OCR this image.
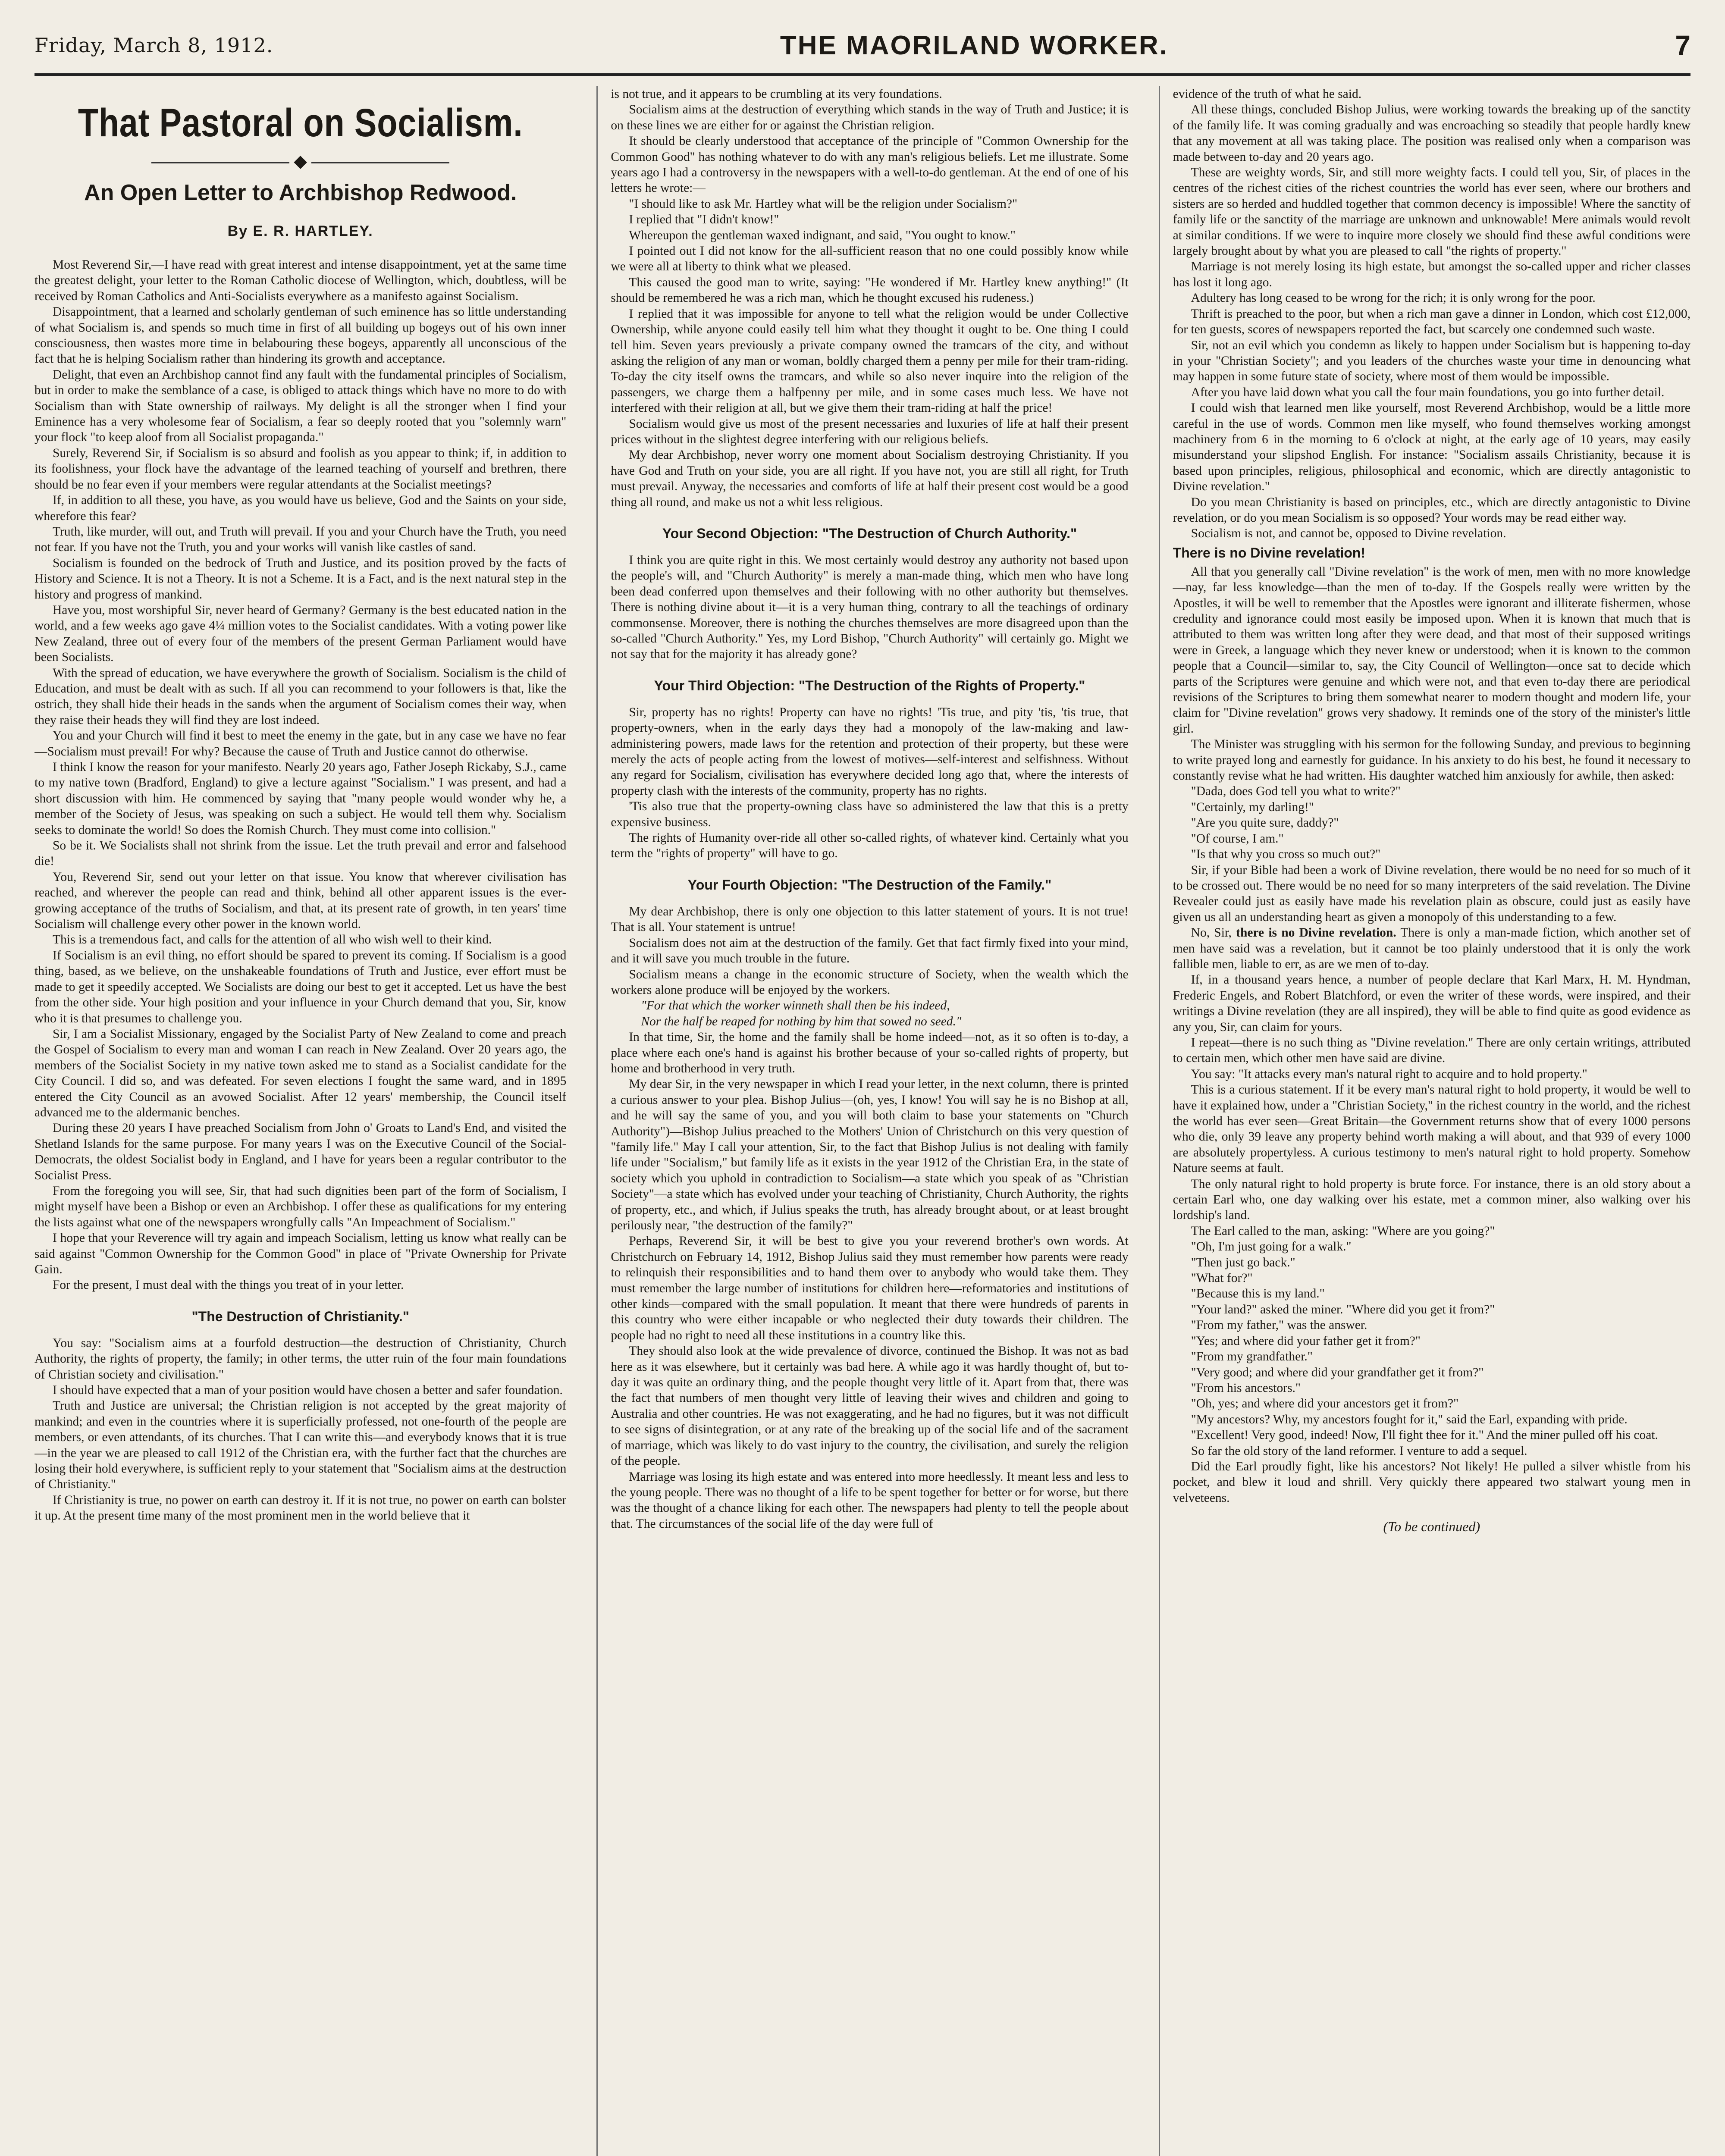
Friday, March 8, 1912.	THE MAORILAND WORKER.	7
That Pastoral on Socialism.
◆
An Open Letter to Archbishop Redwood.
By E. R. HARTLEY.

Most Reverend Sir,—I have read with great interest and intense disappointment, yet at the same time the greatest delight, your letter to the Roman Catholic diocese of Wellington, which, doubtless, will be received by Roman Catholics and Anti-Socialists everywhere as a manifesto against Socialism.

Disappointment, that a learned and scholarly gentleman of such eminence has so little understanding of what Socialism is, and spends so much time in first of all building up bogeys out of his own inner consciousness, then wastes more time in belabouring these bogeys, apparently all unconscious of the fact that he is helping Socialism rather than hindering its growth and acceptance.

Delight, that even an Archbishop cannot find any fault with the fundamental principles of Socialism, but in order to make the semblance of a case, is obliged to attack things which have no more to do with Socialism than with State ownership of railways. My delight is all the stronger when I find your Eminence has a very wholesome fear of Socialism, a fear so deeply rooted that you "solemnly warn" your flock "to keep aloof from all Socialist propaganda."

Surely, Reverend Sir, if Socialism is so absurd and foolish as you appear to think; if, in addition to its foolishness, your flock have the advantage of the learned teaching of yourself and brethren, there should be no fear even if your members were regular attendants at the Socialist meetings?

If, in addition to all these, you have, as you would have us believe, God and the Saints on your side, wherefore this fear?

Truth, like murder, will out, and Truth will prevail. If you and your Church have the Truth, you need not fear. If you have not the Truth, you and your works will vanish like castles of sand.

Socialism is founded on the bedrock of Truth and Justice, and its position proved by the facts of History and Science. It is not a Theory. It is not a Scheme. It is a Fact, and is the next natural step in the history and progress of mankind.

Have you, most worshipful Sir, never heard of Germany? Germany is the best educated nation in the world, and a few weeks ago gave 4¼ million votes to the Socialist candidates. With a voting power like New Zealand, three out of every four of the members of the present German Parliament would have been Socialists.

With the spread of education, we have everywhere the growth of Socialism. Socialism is the child of Education, and must be dealt with as such. If all you can recommend to your followers is that, like the ostrich, they shall hide their heads in the sands when the argument of Socialism comes their way, when they raise their heads they will find they are lost indeed.

You and your Church will find it best to meet the enemy in the gate, but in any case we have no fear—Socialism must prevail! For why? Because the cause of Truth and Justice cannot do otherwise.

I think I know the reason for your manifesto. Nearly 20 years ago, Father Joseph Rickaby, S.J., came to my native town (Bradford, England) to give a lecture against "Socialism." I was present, and had a short discussion with him. He commenced by saying that "many people would wonder why he, a member of the Society of Jesus, was speaking on such a subject. He would tell them why. Socialism seeks to dominate the world! So does the Romish Church. They must come into collision."

So be it. We Socialists shall not shrink from the issue. Let the truth prevail and error and falsehood die!

You, Reverend Sir, send out your letter on that issue. You know that wherever civilisation has reached, and wherever the people can read and think, behind all other apparent issues is the ever-growing acceptance of the truths of Socialism, and that, at its present rate of growth, in ten years' time Socialism will challenge every other power in the known world.

This is a tremendous fact, and calls for the attention of all who wish well to their kind.

If Socialism is an evil thing, no effort should be spared to prevent its coming. If Socialism is a good thing, based, as we believe, on the unshakeable foundations of Truth and Justice, ever effort must be made to get it speedily accepted. We Socialists are doing our best to get it accepted. Let us have the best from the other side. Your high position and your influence in your Church demand that you, Sir, know who it is that presumes to challenge you.

Sir, I am a Socialist Missionary, engaged by the Socialist Party of New Zealand to come and preach the Gospel of Socialism to every man and woman I can reach in New Zealand. Over 20 years ago, the members of the Socialist Society in my native town asked me to stand as a Socialist candidate for the City Council. I did so, and was defeated. For seven elections I fought the same ward, and in 1895 entered the City Council as an avowed Socialist. After 12 years' membership, the Council itself advanced me to the aldermanic benches.

During these 20 years I have preached Socialism from John o' Groats to Land's End, and visited the Shetland Islands for the same purpose. For many years I was on the Executive Council of the Social-Democrats, the oldest Socialist body in England, and I have for years been a regular contributor to the Socialist Press.

From the foregoing you will see, Sir, that had such dignities been part of the form of Socialism, I might myself have been a Bishop or even an Archbishop. I offer these as qualifications for my entering the lists against what one of the newspapers wrongfully calls "An Impeachment of Socialism."

I hope that your Reverence will try again and impeach Socialism, letting us know what really can be said against "Common Ownership for the Common Good" in place of "Private Ownership for Private Gain.

For the present, I must deal with the things you treat of in your letter.

"The Destruction of Christianity."

You say: "Socialism aims at a fourfold destruction—the destruction of Christianity, Church Authority, the rights of property, the family; in other terms, the utter ruin of the four main foundations of Christian society and civilisation."

I should have expected that a man of your position would have chosen a better and safer foundation.

Truth and Justice are universal; the Christian religion is not accepted by the great majority of mankind; and even in the countries where it is superficially professed, not one-fourth of the people are members, or even attendants, of its churches. That I can write this—and everybody knows that it is true—in the year we are pleased to call 1912 of the Christian era, with the further fact that the churches are losing their hold everywhere, is sufficient reply to your statement that "Socialism aims at the destruction of Christianity."

If Christianity is true, no power on earth can destroy it. If it is not true, no power on earth can bolster it up. At the present time many of the most prominent men in the world believe that it

is not true, and it appears to be crumbling at its very foundations.

Socialism aims at the destruction of everything which stands in the way of Truth and Justice; it is on these lines we are either for or against the Christian religion.

It should be clearly understood that acceptance of the principle of "Common Ownership for the Common Good" has nothing whatever to do with any man's religious beliefs. Let me illustrate. Some years ago I had a controversy in the newspapers with a well-to-do gentleman. At the end of one of his letters he wrote:—

"I should like to ask Mr. Hartley what will be the religion under Socialism?"

I replied that "I didn't know!"

Whereupon the gentleman waxed indignant, and said, "You ought to know."

I pointed out I did not know for the all-sufficient reason that no one could possibly know while we were all at liberty to think what we pleased.

This caused the good man to write, saying: "He wondered if Mr. Hartley knew anything!" (It should be remembered he was a rich man, which he thought excused his rudeness.)

I replied that it was impossible for anyone to tell what the religion would be under Collective Ownership, while anyone could easily tell him what they thought it ought to be. One thing I could tell him. Seven years previously a private company owned the tramcars of the city, and without asking the religion of any man or woman, boldly charged them a penny per mile for their tram-riding. To-day the city itself owns the tramcars, and while so also never inquire into the religion of the passengers, we charge them a halfpenny per mile, and in some cases much less. We have not interfered with their religion at all, but we give them their tram-riding at half the price!

Socialism would give us most of the present necessaries and luxuries of life at half their present prices without in the slightest degree interfering with our religious beliefs.

My dear Archbishop, never worry one moment about Socialism destroying Christianity. If you have God and Truth on your side, you are all right. If you have not, you are still all right, for Truth must prevail. Anyway, the necessaries and comforts of life at half their present cost would be a good thing all round, and make us not a whit less religious.

Your Second Objection: "The Destruction of Church Authority."

I think you are quite right in this. We most certainly would destroy any authority not based upon the people's will, and "Church Authority" is merely a man-made thing, which men who have long been dead conferred upon themselves and their following with no other authority but themselves. There is nothing divine about it—it is a very human thing, contrary to all the teachings of ordinary commonsense. Moreover, there is nothing the churches themselves are more disagreed upon than the so-called "Church Authority." Yes, my Lord Bishop, "Church Authority" will certainly go. Might we not say that for the majority it has already gone?

Your Third Objection: "The Destruction of the Rights of Property."

Sir, property has no rights! Property can have no rights! 'Tis true, and pity 'tis, 'tis true, that property-owners, when in the early days they had a monopoly of the law-making and law-administering powers, made laws for the retention and protection of their property, but these were merely the acts of people acting from the lowest of motives—self-interest and selfishness. Without any regard for Socialism, civilisation has everywhere decided long ago that, where the interests of property clash with the interests of the community, property has no rights.

'Tis also true that the property-owning class have so administered the law that this is a pretty expensive business.

The rights of Humanity over-ride all other so-called rights, of whatever kind. Certainly what you term the "rights of property" will have to go.

Your Fourth Objection: "The Destruction of the Family."

My dear Archbishop, there is only one objection to this latter statement of yours. It is not true! That is all. Your statement is untrue!

Socialism does not aim at the destruction of the family. Get that fact firmly fixed into your mind, and it will save you much trouble in the future.

Socialism means a change in the economic structure of Society, when the wealth which the workers alone produce will be enjoyed by the workers.

"For that which the worker winneth shall then be his indeed,
Nor the half be reaped for nothing by him that sowed no seed."

In that time, Sir, the home and the family shall be home indeed—not, as it so often is to-day, a place where each one's hand is against his brother because of your so-called rights of property, but home and brotherhood in very truth.

My dear Sir, in the very newspaper in which I read your letter, in the next column, there is printed a curious answer to your plea. Bishop Julius—(oh, yes, I know! You will say he is no Bishop at all, and he will say the same of you, and you will both claim to base your statements on "Church Authority")—Bishop Julius preached to the Mothers' Union of Christchurch on this very question of "family life." May I call your attention, Sir, to the fact that Bishop Julius is not dealing with family life under "Socialism," but family life as it exists in the year 1912 of the Christian Era, in the state of society which you uphold in contradiction to Socialism—a state which you speak of as "Christian Society"—a state which has evolved under your teaching of Christianity, Church Authority, the rights of property, etc., and which, if Julius speaks the truth, has already brought about, or at least brought perilously near, "the destruction of the family?"

Perhaps, Reverend Sir, it will be best to give you your reverend brother's own words. At Christchurch on February 14, 1912, Bishop Julius said they must remember how parents were ready to relinquish their responsibilities and to hand them over to anybody who would take them. They must remember the large number of institutions for children here—reformatories and institutions of other kinds—compared with the small population. It meant that there were hundreds of parents in this country who were either incapable or who neglected their duty towards their children. The people had no right to need all these institutions in a country like this.

They should also look at the wide prevalence of divorce, continued the Bishop. It was not as bad here as it was elsewhere, but it certainly was bad here. A while ago it was hardly thought of, but to-day it was quite an ordinary thing, and the people thought very little of it. Apart from that, there was the fact that numbers of men thought very little of leaving their wives and children and going to Australia and other countries. He was not exaggerating, and he had no figures, but it was not difficult to see signs of disintegration, or at any rate of the breaking up of the social life and of the sacrament of marriage, which was likely to do vast injury to the country, the civilisation, and surely the religion of the people.

Marriage was losing its high estate and was entered into more heedlessly. It meant less and less to the young people. There was no thought of a life to be spent together for better or for worse, but there was the thought of a chance liking for each other. The newspapers had plenty to tell the people about that. The circumstances of the social life of the day were full of

evidence of the truth of what he said.

All these things, concluded Bishop Julius, were working towards the breaking up of the sanctity of the family life. It was coming gradually and was encroaching so steadily that people hardly knew that any movement at all was taking place. The position was realised only when a comparison was made between to-day and 20 years ago.

These are weighty words, Sir, and still more weighty facts. I could tell you, Sir, of places in the centres of the richest cities of the richest countries the world has ever seen, where our brothers and sisters are so herded and huddled together that common decency is impossible! Where the sanctity of family life or the sanctity of the marriage are unknown and unknowable! Mere animals would revolt at similar conditions. If we were to inquire more closely we should find these awful conditions were largely brought about by what you are pleased to call "the rights of property."

Marriage is not merely losing its high estate, but amongst the so-called upper and richer classes has lost it long ago.

Adultery has long ceased to be wrong for the rich; it is only wrong for the poor.

Thrift is preached to the poor, but when a rich man gave a dinner in London, which cost £12,000, for ten guests, scores of newspapers reported the fact, but scarcely one condemned such waste.

Sir, not an evil which you condemn as likely to happen under Socialism but is happening to-day in your "Christian Society"; and you leaders of the churches waste your time in denouncing what may happen in some future state of society, where most of them would be impossible.

After you have laid down what you call the four main foundations, you go into further detail.

I could wish that learned men like yourself, most Reverend Archbishop, would be a little more careful in the use of words. Common men like myself, who found themselves working amongst machinery from 6 in the morning to 6 o'clock at night, at the early age of 10 years, may easily misunderstand your slipshod English. For instance: "Socialism assails Christianity, because it is based upon principles, religious, philosophical and economic, which are directly antagonistic to Divine revelation."

Do you mean Christianity is based on principles, etc., which are directly antagonistic to Divine revelation, or do you mean Socialism is so opposed? Your words may be read either way.

Socialism is not, and cannot be, opposed to Divine revelation.

There is no Divine revelation!

All that you generally call "Divine revelation" is the work of men, men with no more knowledge—nay, far less knowledge—than the men of to-day. If the Gospels really were written by the Apostles, it will be well to remember that the Apostles were ignorant and illiterate fishermen, whose credulity and ignorance could most easily be imposed upon. When it is known that much that is attributed to them was written long after they were dead, and that most of their supposed writings were in Greek, a language which they never knew or understood; when it is known to the common people that a Council—similar to, say, the City Council of Wellington—once sat to decide which parts of the Scriptures were genuine and which were not, and that even to-day there are periodical revisions of the Scriptures to bring them somewhat nearer to modern thought and modern life, your claim for "Divine revelation" grows very shadowy. It reminds one of the story of the minister's little girl.

The Minister was struggling with his sermon for the following Sunday, and previous to beginning to write prayed long and earnestly for guidance. In his anxiety to do his best, he found it necessary to constantly revise what he had written. His daughter watched him anxiously for awhile, then asked:

"Dada, does God tell you what to write?"

"Certainly, my darling!"

"Are you quite sure, daddy?"

"Of course, I am."

"Is that why you cross so much out?"

Sir, if your Bible had been a work of Divine revelation, there would be no need for so much of it to be crossed out. There would be no need for so many interpreters of the said revelation. The Divine Revealer could just as easily have made his revelation plain as obscure, could just as easily have given us all an understanding heart as given a monopoly of this understanding to a few.

No, Sir, there is no Divine revelation. There is only a man-made fiction, which another set of men have said was a revelation, but it cannot be too plainly understood that it is only the work fallible men, liable to err, as are we men of to-day.

If, in a thousand years hence, a number of people declare that Karl Marx, H. M. Hyndman, Frederic Engels, and Robert Blatchford, or even the writer of these words, were inspired, and their writings a Divine revelation (they are all inspired), they will be able to find quite as good evidence as any you, Sir, can claim for yours.

I repeat—there is no such thing as "Divine revelation." There are only certain writings, attributed to certain men, which other men have said are divine.

You say: "It attacks every man's natural right to acquire and to hold property."

This is a curious statement. If it be every man's natural right to hold property, it would be well to have it explained how, under a "Christian Society," in the richest country in the world, and the richest the world has ever seen—Great Britain—the Government returns show that of every 1000 persons who die, only 39 leave any property behind worth making a will about, and that 939 of every 1000 are absolutely propertyless. A curious testimony to men's natural right to hold property. Somehow Nature seems at fault.

The only natural right to hold property is brute force. For instance, there is an old story about a certain Earl who, one day walking over his estate, met a common miner, also walking over his lordship's land.

The Earl called to the man, asking: "Where are you going?"

"Oh, I'm just going for a walk."

"Then just go back."

"What for?"

"Because this is my land."

"Your land?" asked the miner. "Where did you get it from?"

"From my father," was the answer.

"Yes; and where did your father get it from?"

"From my grandfather."

"Very good; and where did your grandfather get it from?"

"From his ancestors."

"Oh, yes; and where did your ancestors get it from?"

"My ancestors? Why, my ancestors fought for it," said the Earl, expanding with pride.

"Excellent! Very good, indeed! Now, I'll fight thee for it." And the miner pulled off his coat.

So far the old story of the land reformer. I venture to add a sequel.

Did the Earl proudly fight, like his ancestors? Not likely! He pulled a silver whistle from his pocket, and blew it loud and shrill. Very quickly there appeared two stalwart young men in velveteens.

(To be continued)
